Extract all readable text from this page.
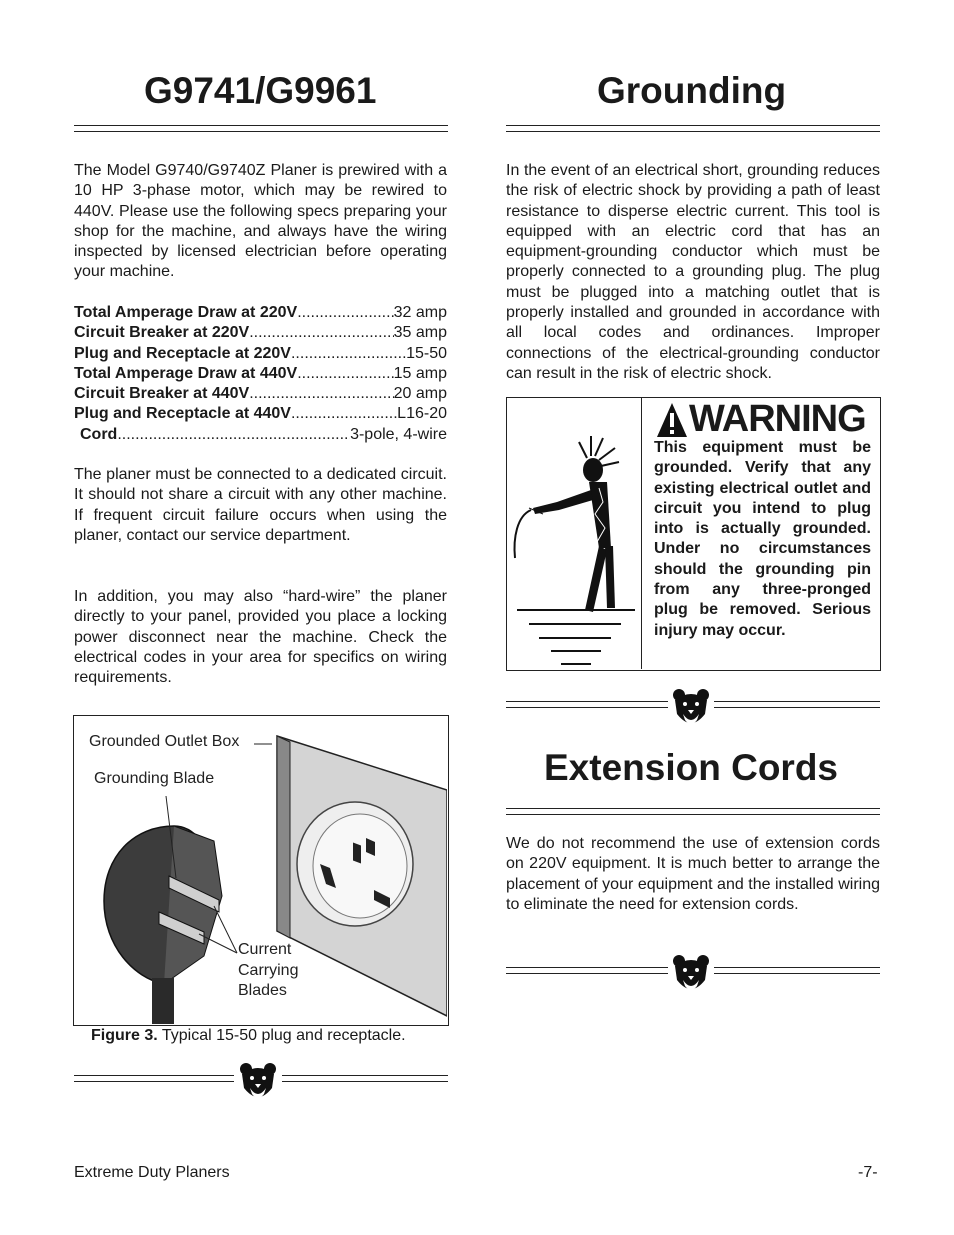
G9741/G9961
The Model G9740/G9740Z Planer is prewired with a 10 HP 3-phase motor, which may be rewired to 440V. Please use the following specs preparing your shop for the machine, and always have the wiring inspected by licensed electrician before operating your machine.
Total Amperage Draw at 220V .....	32 amp
Circuit Breaker at 220V .....	35 amp
Plug and Receptacle at 220V .....	15-50
Total Amperage Draw at 440V .....	15 amp
Circuit Breaker at 440V .....	20 amp
Plug and Receptacle at 440V .....	L16-20
Cord .....	3-pole, 4-wire
The planer must be connected to a dedicated circuit. It should not share a circuit with any other machine. If frequent circuit failure occurs when using the planer, contact our service department.
In addition, you may also “hard-wire” the planer directly to your panel, provided you place a locking power disconnect near the machine. Check the electrical codes in your area for specifics on wiring requirements.
Grounded Outlet Box
Grounding Blade
Current
Carrying
Blades
Figure 3. Typical 15-50 plug and receptacle.
Grounding
In the event of an electrical short, grounding reduces the risk of electric shock by providing a path of least resistance to disperse electric current. This tool is equipped with an electric cord that has an equipment-grounding conductor which must be properly connected to a grounding plug. The plug must be plugged into a matching outlet that is properly installed and grounded in accordance with all local codes and ordinances. Improper connections of the electrical-grounding conductor can result in the risk of electric shock.
WARNING
This equipment must be grounded. Verify that any existing electrical outlet and circuit you intend to plug into is actually grounded. Under no circumstances should the grounding pin from any three-pronged plug be removed. Serious injury may occur.
Extension Cords
We do not recommend the use of extension cords on 220V equipment. It is much better to arrange the placement of your equipment and the installed wiring to eliminate the need for extension cords.
Extreme Duty Planers	-7-
